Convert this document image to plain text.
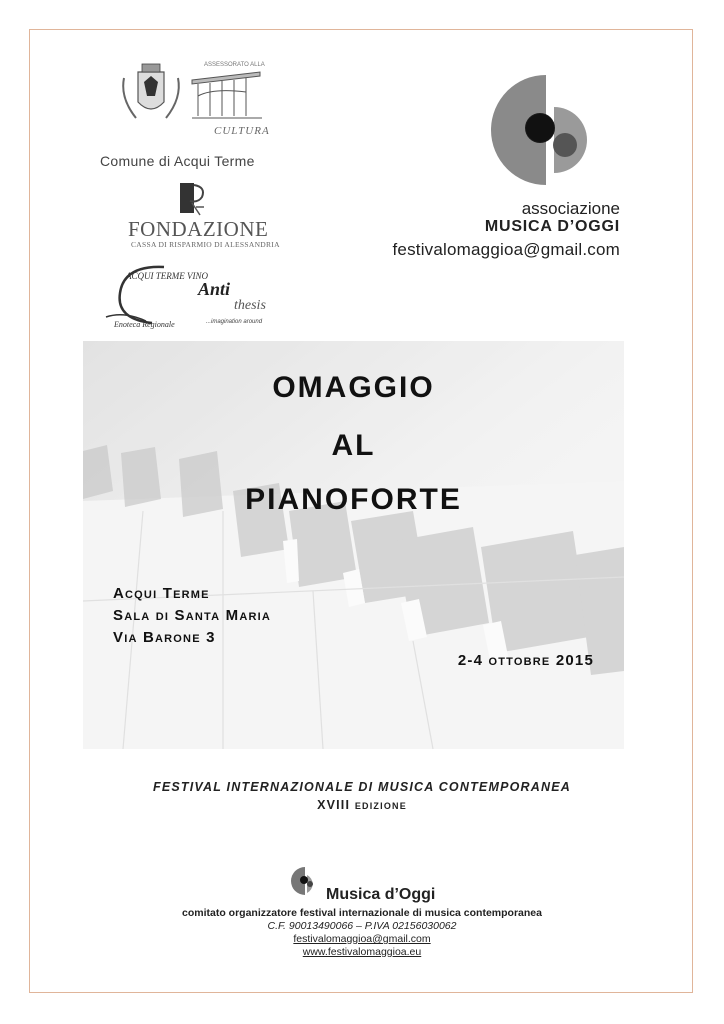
ASSESSORATO ALLA
CULTURA
Comune di Acqui Terme
FONDAZIONE
CASSA DI RISPARMIO DI ALESSANDRIA
ACQUI TERME VINO
Enoteca Regionale
Anti
thesis
...imagination around
associazione
MUSICA D’OGGI
festivalomaggioa@gmail.com
OMAGGIO
AL
PIANOFORTE
Acqui Terme
Sala di Santa Maria
Via Barone 3
2-4 ottobre 2015
FESTIVAL INTERNAZIONALE DI MUSICA CONTEMPORANEA
XVIII edizione
Musica d’Oggi
comitato organizzatore festival internazionale di musica contemporanea
C.F. 90013490066 – P.IVA 02156030062
festivalomaggioa@gmail.com
www.festivalomaggioa.eu
